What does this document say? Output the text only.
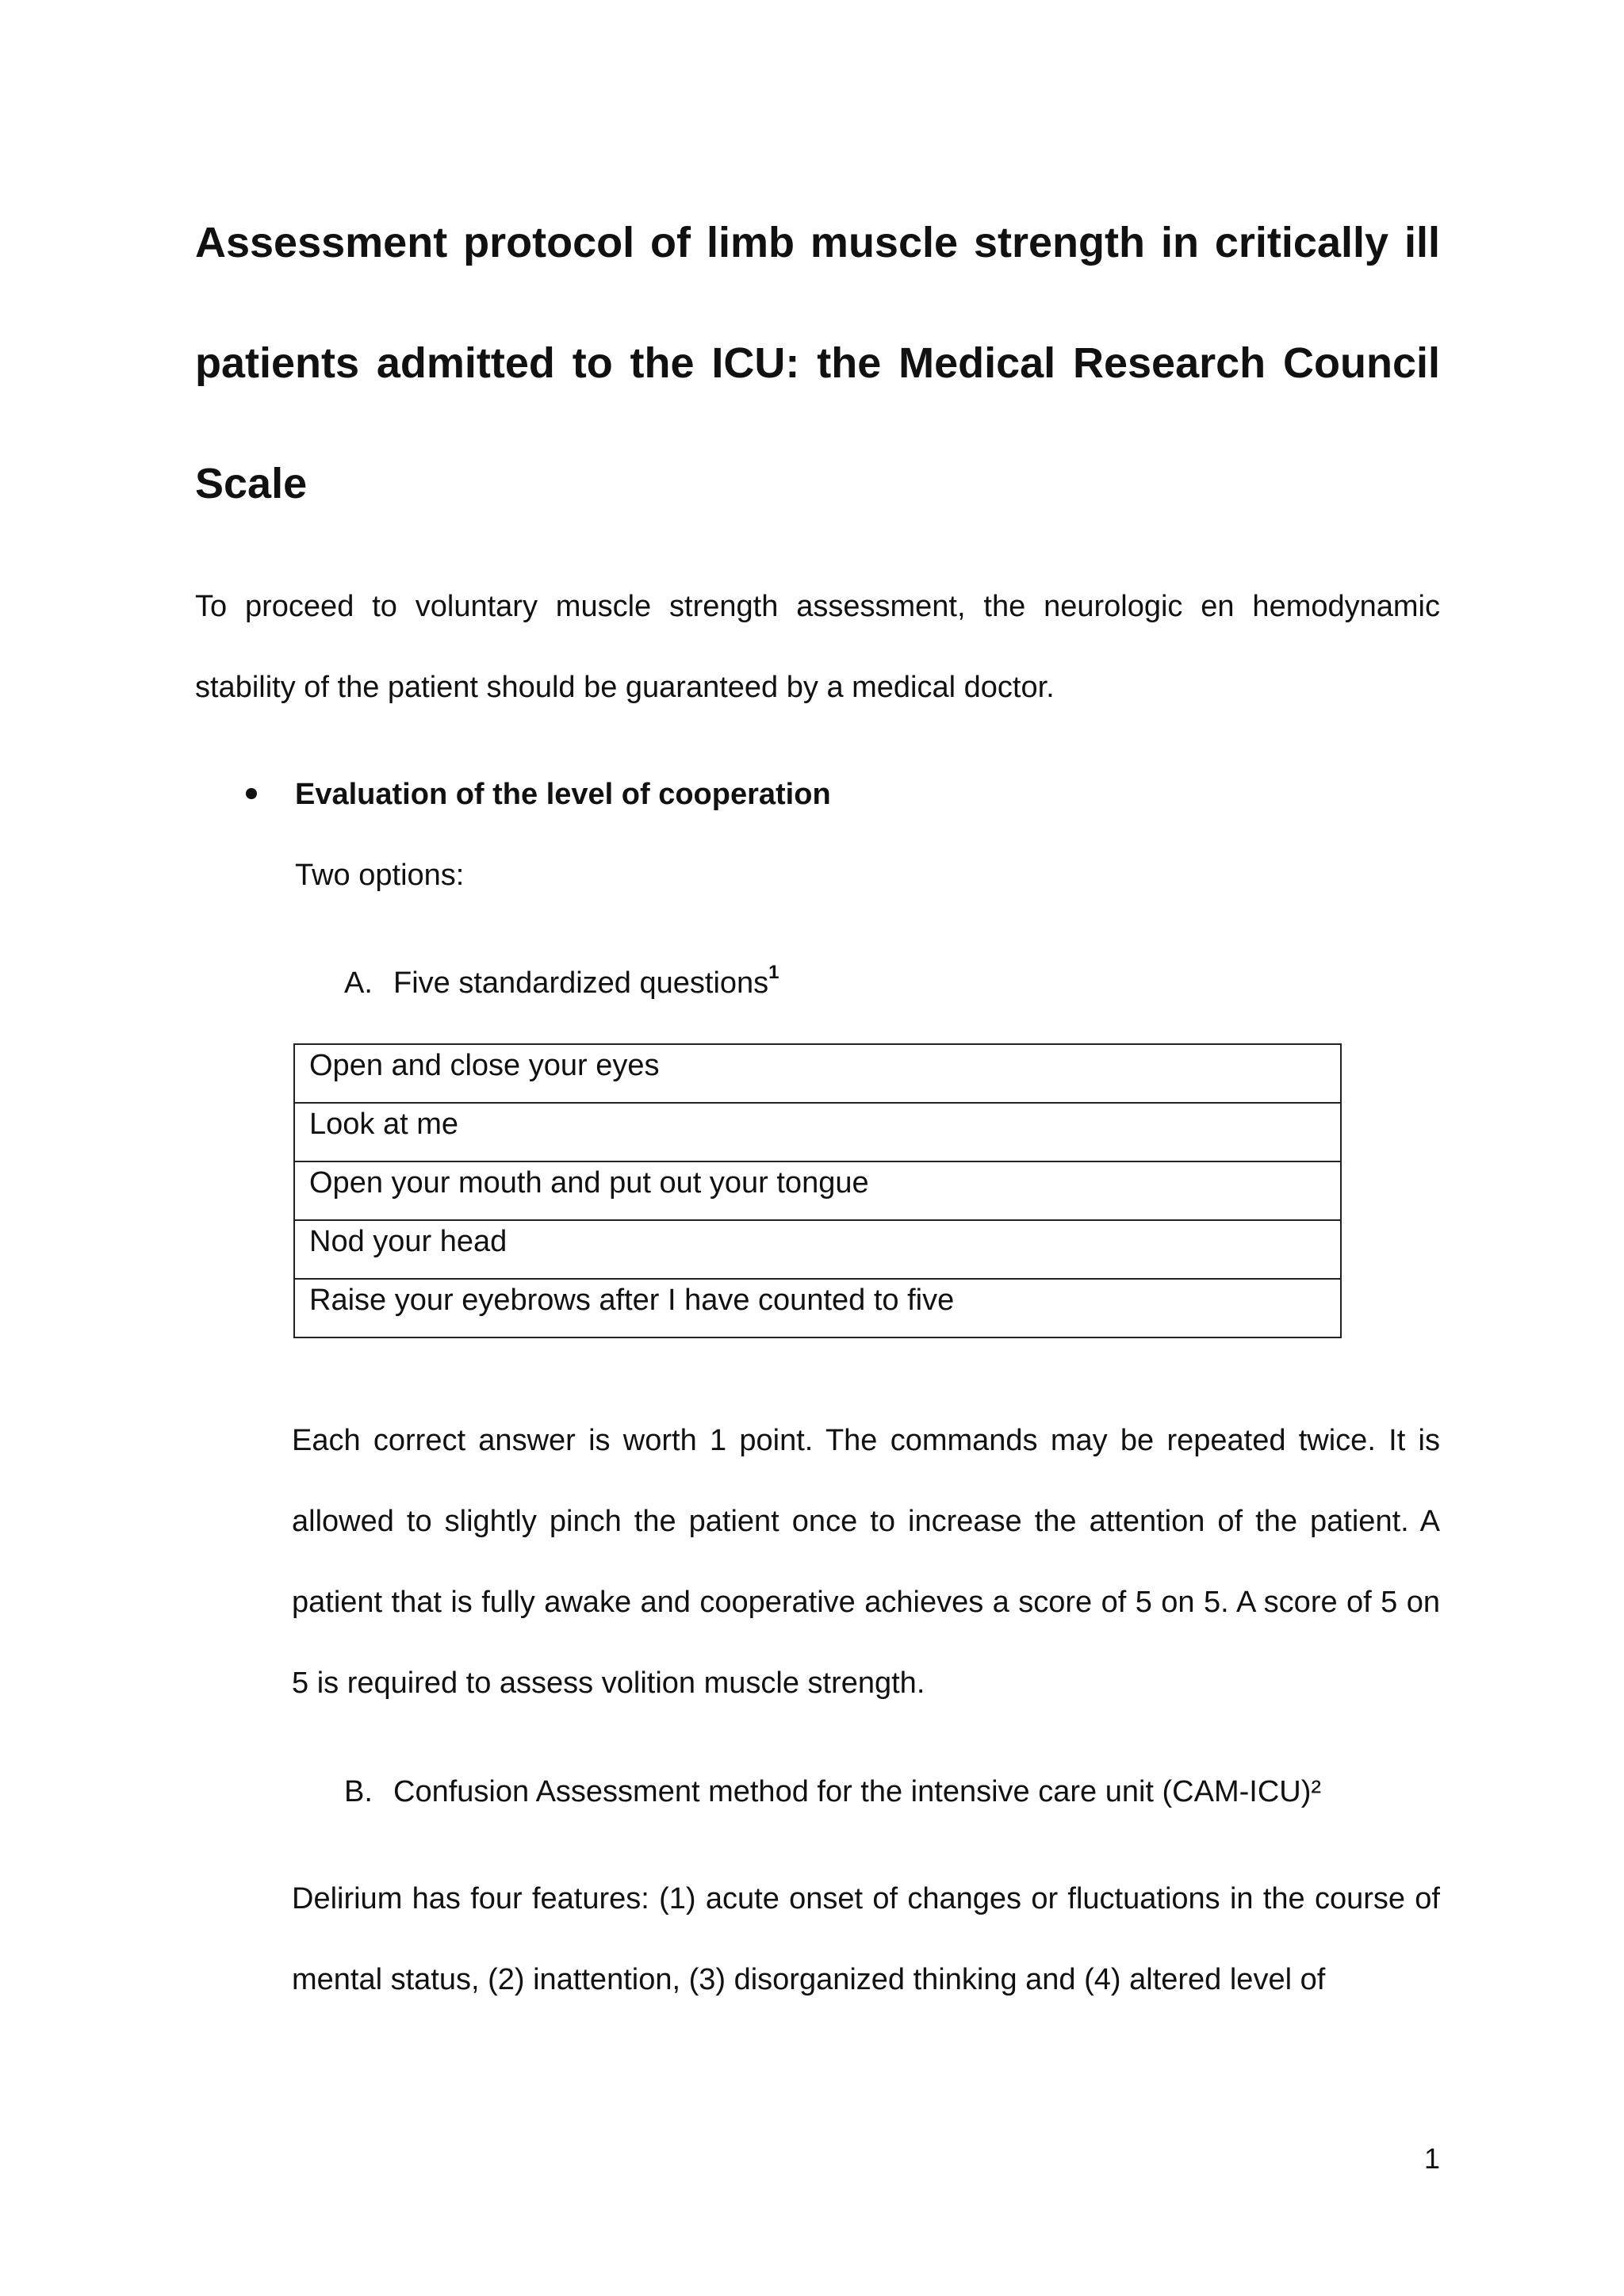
Assessment protocol of limb muscle strength in critically ill patients admitted to the ICU: the Medical Research Council Scale

To proceed to voluntary muscle strength assessment, the neurologic en hemodynamic stability of the patient should be guaranteed by a medical doctor.

Evaluation of the level of cooperation
Two options:
A. Five standardized questions$^1$
Open and close your eyes
Look at me
Open your mouth and put out your tongue
Nod your head
Raise your eyebrows after I have counted to five

Each correct answer is worth 1 point. The commands may be repeated twice. It is allowed to slightly pinch the patient once to increase the attention of the patient. A patient that is fully awake and cooperative achieves a score of 5 on 5. A score of 5 on 5 is required to assess volition muscle strength.

B. Confusion Assessment method for the intensive care unit (CAM-ICU)²

Delirium has four features: (1) acute onset of changes or fluctuations in the course of mental status, (2) inattention, (3) disorganized thinking and (4) altered level of

1
